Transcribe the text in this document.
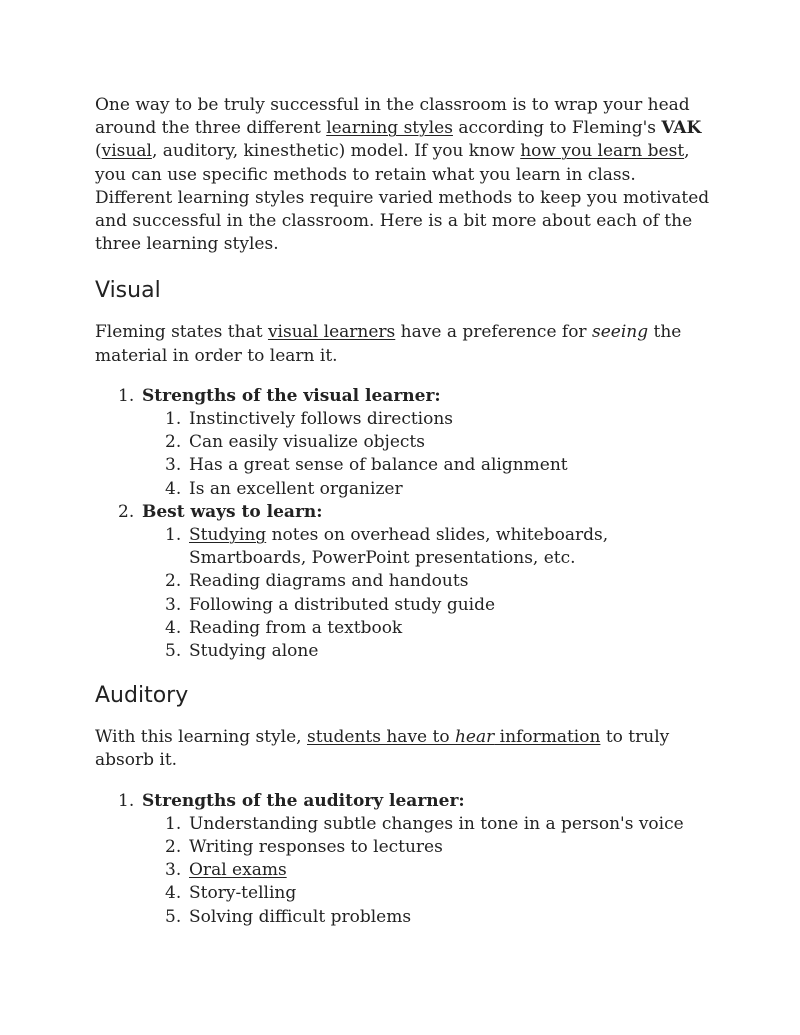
One way to be truly successful in the classroom is to wrap your head around the three different learning styles according to Fleming's VAK (visual, auditory, kinesthetic) model. If you know how you learn best, you can use specific methods to retain what you learn in class. Different learning styles require varied methods to keep you motivated and successful in the classroom. Here is a bit more about each of the three learning styles.

Visual

Fleming states that visual learners have a preference for seeing the material in order to learn it.

1. Strengths of the visual learner:
1. Instinctively follows directions
2. Can easily visualize objects
3. Has a great sense of balance and alignment
4. Is an excellent organizer
2. Best ways to learn:
1. Studying notes on overhead slides, whiteboards, Smartboards, PowerPoint presentations, etc.
2. Reading diagrams and handouts
3. Following a distributed study guide
4. Reading from a textbook
5. Studying alone
Auditory

With this learning style, students have to hear information to truly absorb it.

1. Strengths of the auditory learner:
1. Understanding subtle changes in tone in a person's voice
2. Writing responses to lectures
3. Oral exams
4. Story-telling
5. Solving difficult problems
